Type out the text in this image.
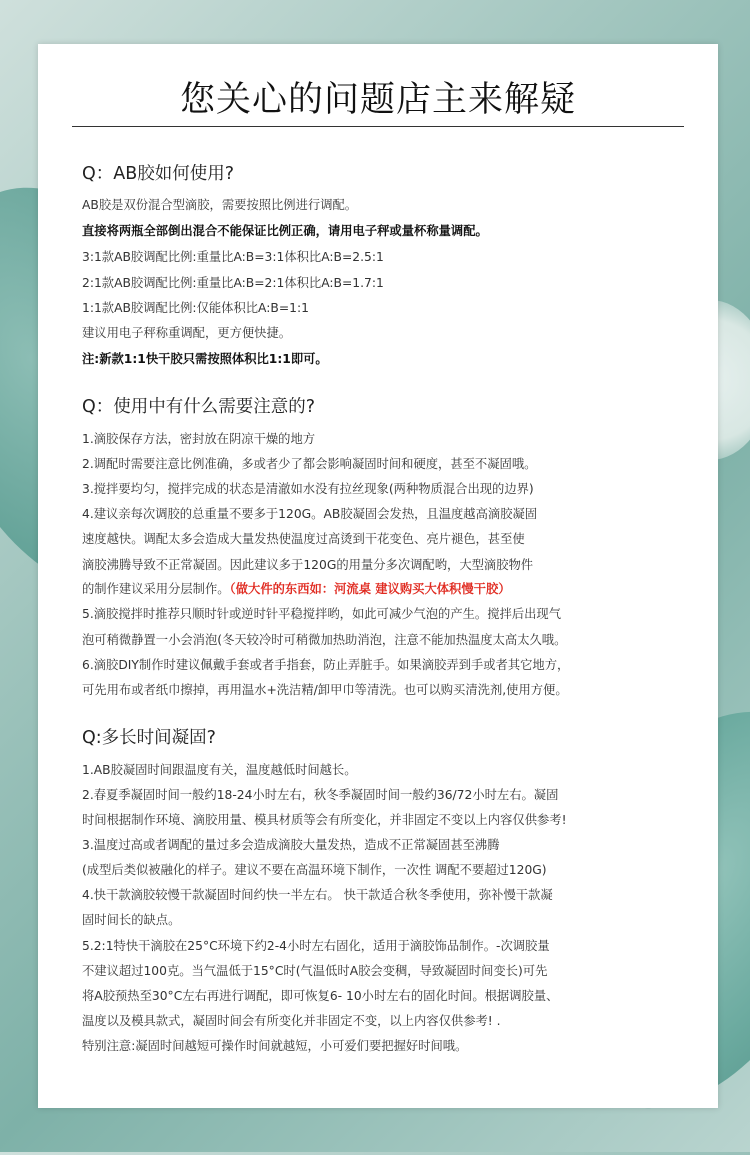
您关心的问题店主来解疑
Q：AB胶如何使用?
AB胶是双份混合型滴胶，需要按照比例进行调配。
直接将两瓶全部倒出混合不能保证比例正确，请用电子秤或量杯称量调配。
3:1款AB胶调配比例:重量比A:B=3:1体积比A:B=2.5:1
2:1款AB胶调配比例:重量比A:B=2:1体积比A:B=1.7:1
1:1款AB胶调配比例:仅能体积比A:B=1:1
建议用电子秤称重调配，更方便快捷。
注:新款1:1快干胶只需按照体积比1:1即可。
Q：使用中有什么需要注意的?
1.滴胶保存方法，密封放在阴凉干燥的地方
2.调配时需要注意比例准确，多或者少了都会影响凝固时间和硬度，甚至不凝固哦。
3.搅拌要均匀，搅拌完成的状态是清澈如水没有拉丝现象(两种物质混合出现的边界)
4.建议亲每次调胶的总重量不要多于120G。AB胶凝固会发热，且温度越高滴胶凝固
速度越快。调配太多会造成大量发热使温度过高烫到干花变色、亮片褪色，甚至使
滴胶沸腾导致不正常凝固。因此建议多于120G的用量分多次调配哟，大型滴胶物件
的制作建议采用分层制作。（做大件的东西如：河流桌 建议购买大体积慢干胶）
5.滴胶搅拌时推荐只顺时针或逆时针平稳搅拌哟，如此可减少气泡的产生。搅拌后出现气
泡可稍微静置一小会消泡(冬天较冷时可稍微加热助消泡，注意不能加热温度太高太久哦。
6.滴胶DIY制作时建议佩戴手套或者手指套，防止弄脏手。如果滴胶弄到手或者其它地方，
可先用布或者纸巾擦掉，再用温水+洗洁精/卸甲巾等清洗。也可以购买清洗剂,使用方便。
Q:多长时间凝固?
1.AB胶凝固时间跟温度有关，温度越低时间越长。
2.春夏季凝固时间一般约18-24小时左右，秋冬季凝固时间一般约36/72小时左右。凝固
时间根据制作环境、滴胶用量、模具材质等会有所变化，并非固定不变以上内容仅供参考!
3.温度过高或者调配的量过多会造成滴胶大量发热，造成不正常凝固甚至沸腾
(成型后类似被融化的样子。建议不要在高温环境下制作，一次性 调配不要超过120G)
4.快干款滴胶较慢干款凝固时间约快一半左右。 快干款适合秋冬季使用，弥补慢干款凝
固时间长的缺点。
5.2:1特快干滴胶在25°C环境下约2-4小时左右固化，适用于滴胶饰品制作。-次调胶量
不建议超过100克。当气温低于15°C时(气温低时A胶会变稠，导致凝固时间变长)可先
将A胶预热至30°C左右再进行调配，即可恢复6- 10小时左右的固化时间。根据调胶量、
温度以及模具款式，凝固时间会有所变化并非固定不变，以上内容仅供参考! .
特别注意:凝固时间越短可操作时间就越短，小可爱们要把握好时间哦。
